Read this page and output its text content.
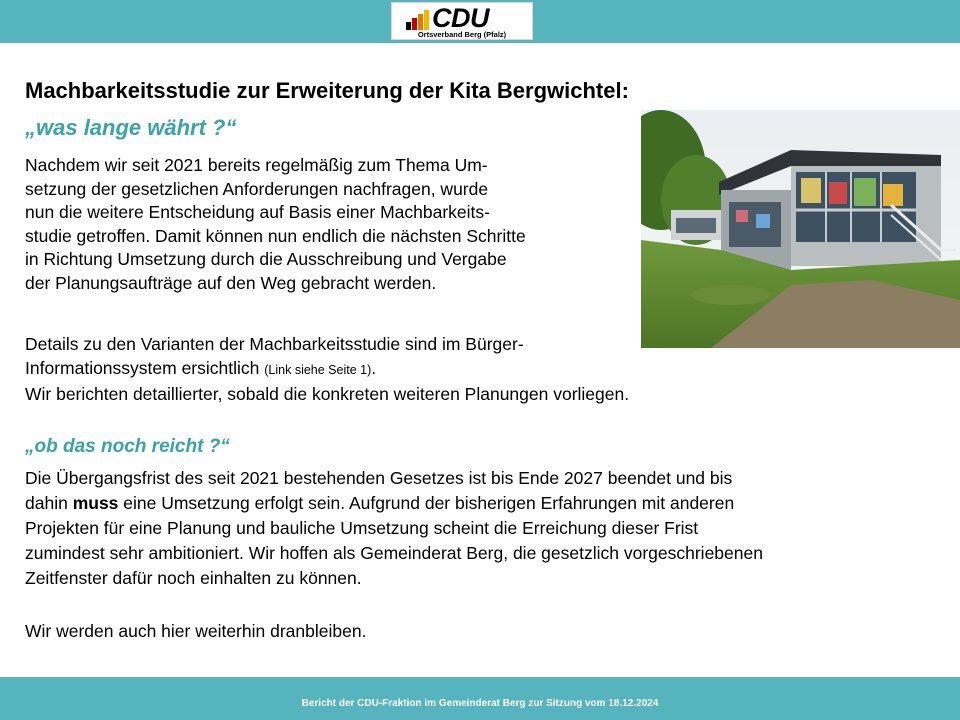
CDU
Ortsverband Berg (Pfalz)
Machbarkeitsstudie zur Erweiterung der Kita Bergwichtel:
„was lange währt ?“
Nachdem wir seit 2021 bereits regelmäßig zum Thema Um-
setzung der gesetzlichen Anforderungen nachfragen, wurde
nun die weitere Entscheidung auf Basis einer Machbarkeits-
studie getroffen. Damit können nun endlich die nächsten Schritte
in Richtung Umsetzung durch die Ausschreibung und Vergabe
der Planungsaufträge auf den Weg gebracht werden.
Details zu den Varianten der Machbarkeitsstudie sind im Bürger-
Informationssystem ersichtlich (Link siehe Seite 1).
Wir berichten detaillierter, sobald die konkreten weiteren Planungen vorliegen.
„ob das noch reicht ?“
Die Übergangsfrist des seit 2021 bestehenden Gesetzes ist bis Ende 2027 beendet und bis
dahin muss eine Umsetzung erfolgt sein. Aufgrund der bisherigen Erfahrungen mit anderen
Projekten für eine Planung und bauliche Umsetzung scheint die Erreichung dieser Frist
zumindest sehr ambitioniert. Wir hoffen als Gemeinderat Berg, die gesetzlich vorgeschriebenen
Zeitfenster dafür noch einhalten zu können.
Wir werden auch hier weiterhin dranbleiben.
Bericht der CDU-Fraktion im Gemeinderat Berg zur Sitzung vom 18.12.2024
